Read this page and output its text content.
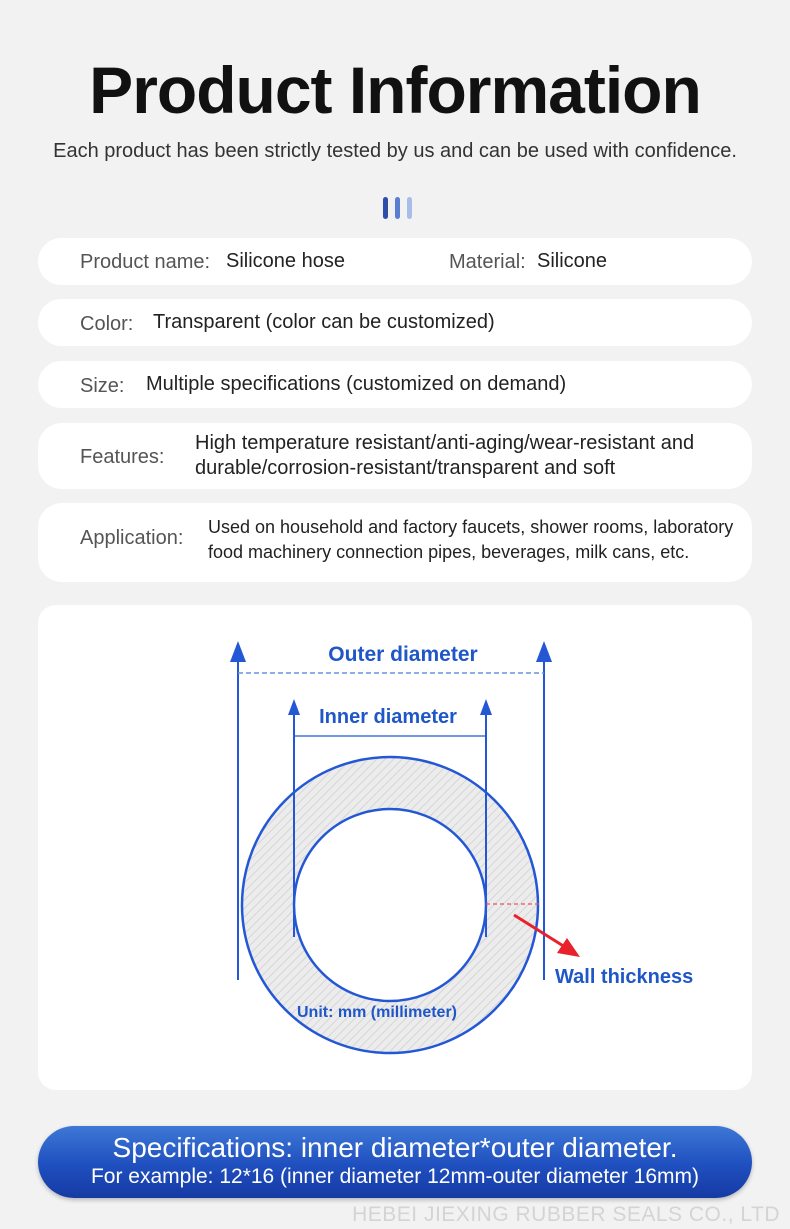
Product Information
Each product has been strictly tested by us and can be used with confidence.
Product name: Silicone hose	Material: Silicone
Color: Transparent (color can be customized)
Size: Multiple specifications (customized on demand)
Features:
High temperature resistant/anti-aging/wear-resistant and
durable/corrosion-resistant/transparent and soft
Application: Used on household and factory faucets, shower rooms, laboratory
food machinery connection pipes, beverages, milk cans, etc.
Outer diameter
Inner diameter
Wall thickness
Unit: mm (millimeter)
Specifications: inner diameter*outer diameter.
For example: 12*16 (inner diameter 12mm-outer diameter 16mm)
HEBEI JIEXING RUBBER SEALS CO., LTD
